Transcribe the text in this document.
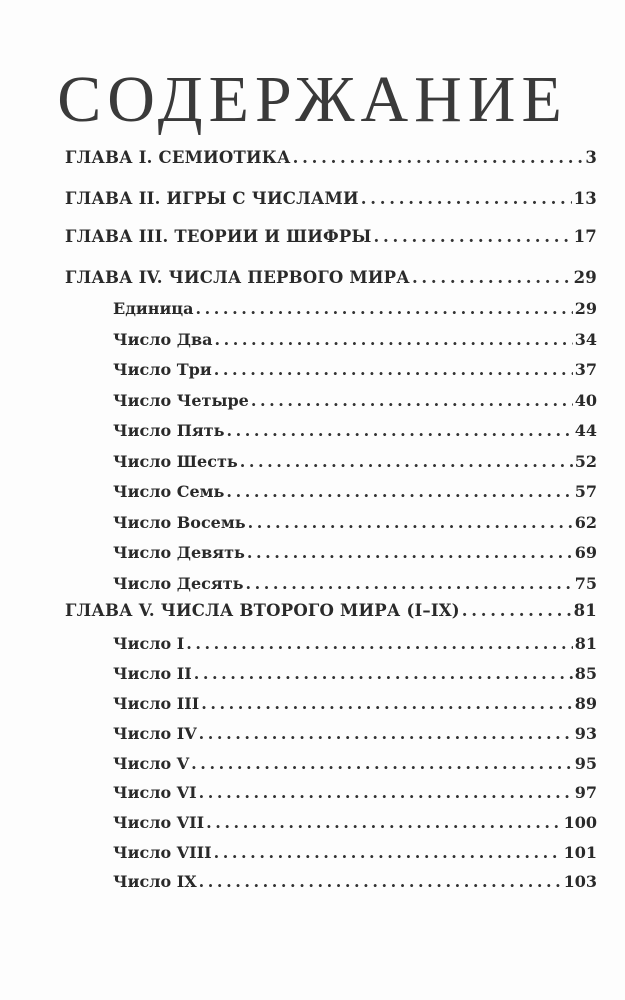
СОДЕРЖАНИЕ
ГЛАВА I. СЕМИОТИКА . . .	3
ГЛАВА II. ИГРЫ С ЧИСЛАМИ . . .	13
ГЛАВА III. ТЕОРИИ И ШИФРЫ . . .	17
ГЛАВА IV. ЧИСЛА ПЕРВОГО МИРА . . .	29
Единица . . .	29
Число Два . . .	34
Число Три . . .	37
Число Четыре . . .	40
Число Пять . . .	44
Число Шесть . . .	52
Число Семь . . .	57
Число Восемь . . .	62
Число Девять . . .	69
Число Десять . . .	75
ГЛАВА V. ЧИСЛА ВТОРОГО МИРА (I–IX) . . .	81
Число I . . .	81
Число II . . .	85
Число III . . .	89
Число IV . . .	93
Число V . . .	95
Число VI . . .	97
Число VII . . .	100
Число VIII . . .	101
Число IX . . .	103
